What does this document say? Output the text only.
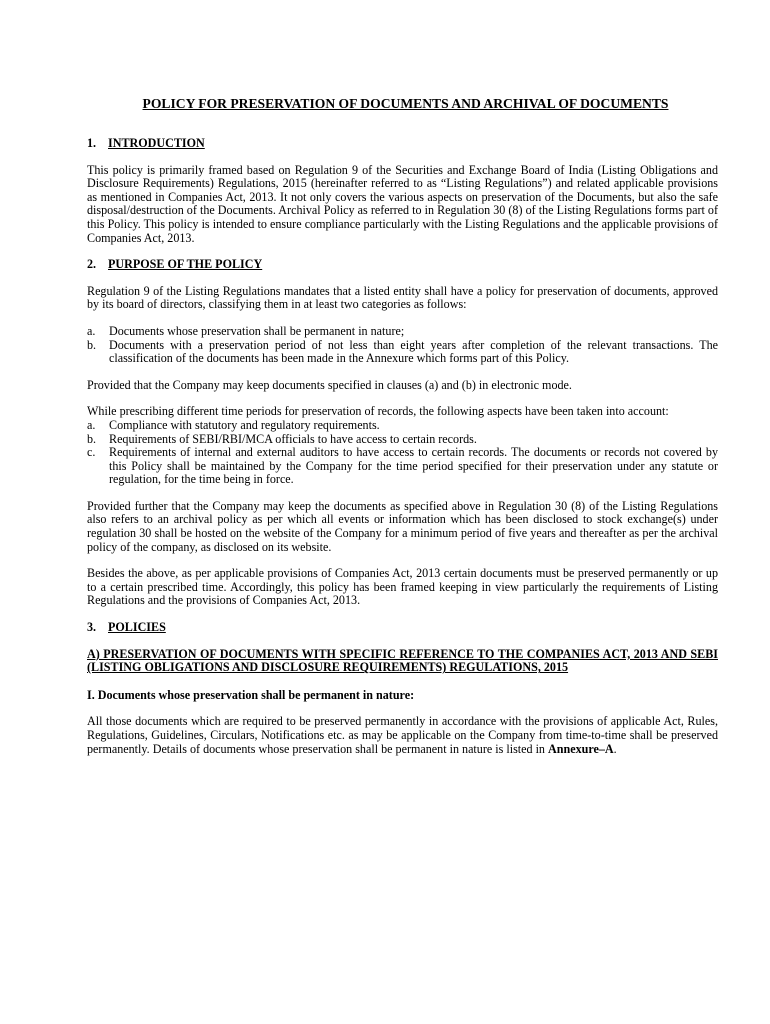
POLICY FOR PRESERVATION OF DOCUMENTS AND ARCHIVAL OF DOCUMENTS
1. INTRODUCTION

This policy is primarily framed based on Regulation 9 of the Securities and Exchange Board of India (Listing Obligations and Disclosure Requirements) Regulations, 2015 (hereinafter referred to as “Listing Regulations”) and related applicable provisions as mentioned in Companies Act, 2013. It not only covers the various aspects on preservation of the Documents, but also the safe disposal/destruction of the Documents. Archival Policy as referred to in Regulation 30 (8) of the Listing Regulations forms part of this Policy. This policy is intended to ensure compliance particularly with the Listing Regulations and the applicable provisions of Companies Act, 2013.

2. PURPOSE OF THE POLICY

Regulation 9 of the Listing Regulations mandates that a listed entity shall have a policy for preservation of documents, approved by its board of directors, classifying them in at least two categories as follows:

a.	Documents whose preservation shall be permanent in nature;
b.	Documents with a preservation period of not less than eight years after completion of the relevant transactions. The classification of the documents has been made in the Annexure which forms part of this Policy.

Provided that the Company may keep documents specified in clauses (a) and (b) in electronic mode.

While prescribing different time periods for preservation of records, the following aspects have been taken into account:

a.	Compliance with statutory and regulatory requirements.
b.	Requirements of SEBI/RBI/MCA officials to have access to certain records.
c.	Requirements of internal and external auditors to have access to certain records. The documents or records not covered by this Policy shall be maintained by the Company for the time period specified for their preservation under any statute or regulation, for the time being in force.

Provided further that the Company may keep the documents as specified above in Regulation 30 (8) of the Listing Regulations also refers to an archival policy as per which all events or information which has been disclosed to stock exchange(s) under regulation 30 shall be hosted on the website of the Company for a minimum period of five years and thereafter as per the archival policy of the company, as disclosed on its website.

Besides the above, as per applicable provisions of Companies Act, 2013 certain documents must be preserved permanently or up to a certain prescribed time. Accordingly, this policy has been framed keeping in view particularly the requirements of Listing Regulations and the provisions of Companies Act, 2013.

3. POLICIES
A) PRESERVATION OF DOCUMENTS WITH SPECIFIC REFERENCE TO THE COMPANIES ACT, 2013 AND SEBI (LISTING OBLIGATIONS AND DISCLOSURE REQUIREMENTS) REGULATIONS, 2015
I. Documents whose preservation shall be permanent in nature:

All those documents which are required to be preserved permanently in accordance with the provisions of applicable Act, Rules, Regulations, Guidelines, Circulars, Notifications etc. as may be applicable on the Company from time-to-time shall be preserved permanently. Details of documents whose preservation shall be permanent in nature is listed in Annexure–A.
